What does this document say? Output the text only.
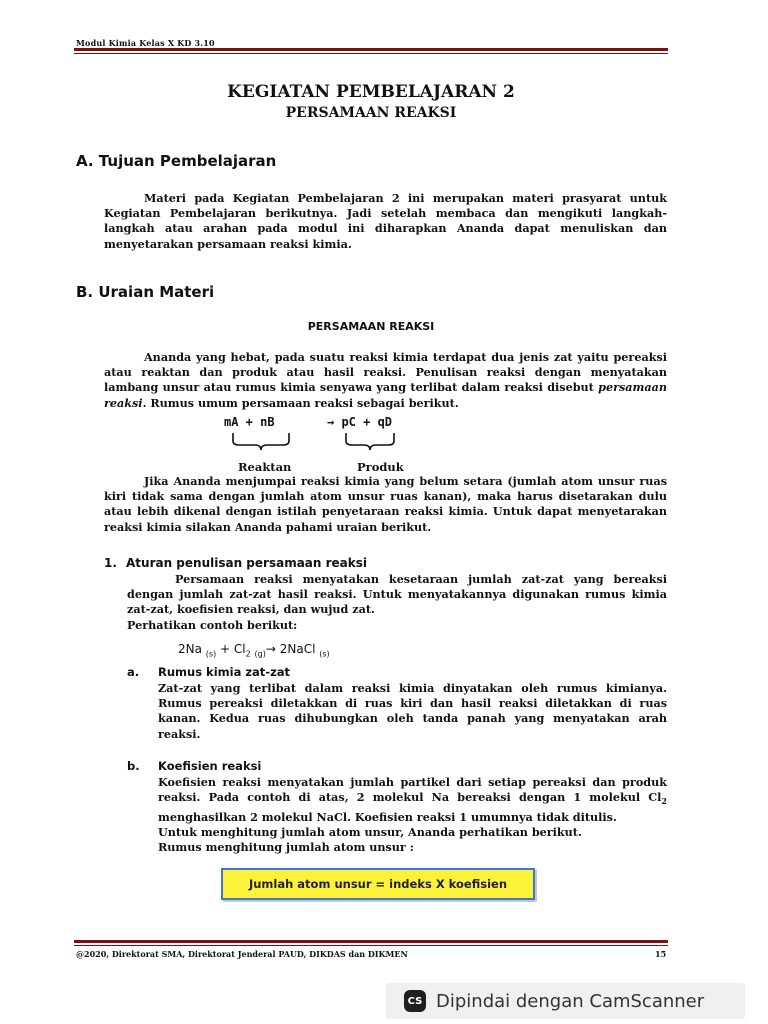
Modul Kimia Kelas X KD 3.10
KEGIATAN PEMBELAJARAN 2
PERSAMAAN REAKSI
A. Tujuan Pembelajaran
Materi pada Kegiatan Pembelajaran 2 ini merupakan materi prasyarat untuk Kegiatan Pembelajaran berikutnya. Jadi setelah membaca dan mengikuti langkah-langkah atau arahan pada modul ini diharapkan Ananda dapat menuliskan dan menyetarakan persamaan reaksi kimia.
B. Uraian Materi
PERSAMAAN REAKSI
Ananda yang hebat, pada suatu reaksi kimia terdapat dua jenis zat yaitu pereaksi atau reaktan dan produk atau hasil reaksi. Penulisan reaksi dengan menyatakan lambang unsur atau rumus kimia senyawa yang terlibat dalam reaksi disebut persamaan reaksi. Rumus umum persamaan reaksi sebagai berikut.
mA + nB	→ pC + qD
Reaktan	Produk
Jika Ananda menjumpai reaksi kimia yang belum setara (jumlah atom unsur ruas kiri tidak sama dengan jumlah atom unsur ruas kanan), maka harus disetarakan dulu atau lebih dikenal dengan istilah penyetaraan reaksi kimia. Untuk dapat menyetarakan reaksi kimia silakan Ananda pahami uraian berikut.
1. Aturan penulisan persamaan reaksi
Persamaan reaksi menyatakan kesetaraan jumlah zat-zat yang bereaksi dengan jumlah zat-zat hasil reaksi. Untuk menyatakannya digunakan rumus kimia zat-zat, koefisien reaksi, dan wujud zat.
Perhatikan contoh berikut:
2Na $_{(s)} + Cl_2$ $_{(g)}$→ 2NaCl $_{(s)}$
a. Rumus kimia zat-zat
Zat-zat yang terlibat dalam reaksi kimia dinyatakan oleh rumus kimianya. Rumus pereaksi diletakkan di ruas kiri dan hasil reaksi diletakkan di ruas kanan. Kedua ruas dihubungkan oleh tanda panah yang menyatakan arah reaksi.
b. Koefisien reaksi
Koefisien reaksi menyatakan jumlah partikel dari setiap pereaksi dan produk reaksi. Pada contoh di atas, 2 molekul Na bereaksi dengan 1 molekul $Cl_2$ menghasilkan 2 molekul NaCl. Koefisien reaksi 1 umumnya tidak ditulis.
Untuk menghitung jumlah atom unsur, Ananda perhatikan berikut.
Rumus menghitung jumlah atom unsur :
Jumlah atom unsur = indeks X koefisien
@2020, Direktorat SMA, Direktorat Jenderal PAUD, DIKDAS dan DIKMEN	15
CS Dipindai dengan CamScanner
